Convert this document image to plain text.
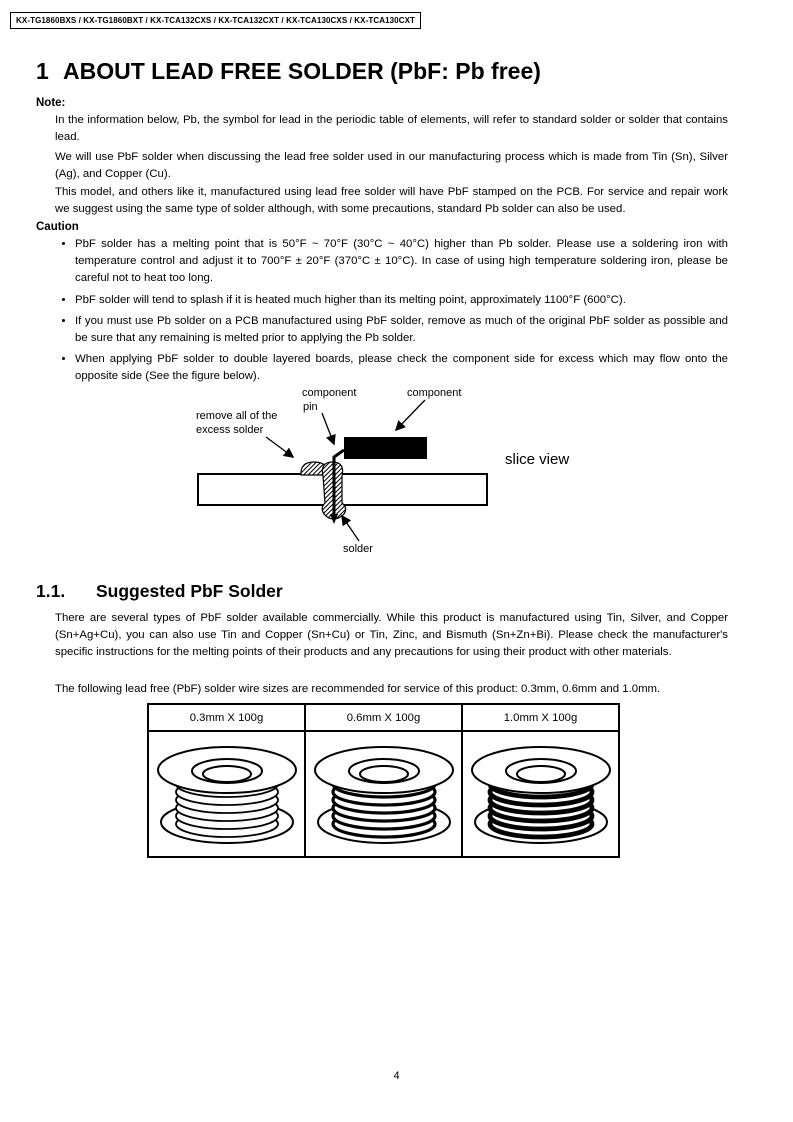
KX-TG1860BXS / KX-TG1860BXT / KX-TCA132CXS / KX-TCA132CXT / KX-TCA130CXS / KX-TCA130CXT
1 ABOUT LEAD FREE SOLDER (PbF: Pb free)
Note:

In the information below, Pb, the symbol for lead in the periodic table of elements, will refer to standard solder or solder that contains lead.

We will use PbF solder when discussing the lead free solder used in our manufacturing process which is made from Tin (Sn), Silver (Ag), and Copper (Cu).

This model, and others like it, manufactured using lead free solder will have PbF stamped on the PCB. For service and repair work we suggest using the same type of solder although, with some precautions, standard Pb solder can also be used.

Caution
• PbF solder has a melting point that is 50°F ~ 70°F (30°C ~ 40°C) higher than Pb solder. Please use a soldering iron with temperature control and adjust it to 700°F ± 20°F (370°C ± 10°C). In case of using high temperature soldering iron, please be careful not to heat too long.
• PbF solder will tend to splash if it is heated much higher than its melting point, approximately 1100°F (600°C).
• If you must use Pb solder on a PCB manufactured using PbF solder, remove as much of the original PbF solder as possible and be sure that any remaining is melted prior to applying the Pb solder.
• When applying PbF solder to double layered boards, please check the component side for excess which may flow onto the opposite side (See the figure below).
component
pin
component
remove all of the
excess solder
slice view
solder
1.1.	Suggested PbF Solder

There are several types of PbF solder available commercially. While this product is manufactured using Tin, Silver, and Copper (Sn+Ag+Cu), you can also use Tin and Copper (Sn+Cu) or Tin, Zinc, and Bismuth (Sn+Zn+Bi). Please check the manufacturer's specific instructions for the melting points of their products and any precautions for using their product with other materials.

The following lead free (PbF) solder wire sizes are recommended for service of this product: 0.3mm, 0.6mm and 1.0mm.

0.3mm X 100g	0.6mm X 100g	1.0mm X 100g

4
